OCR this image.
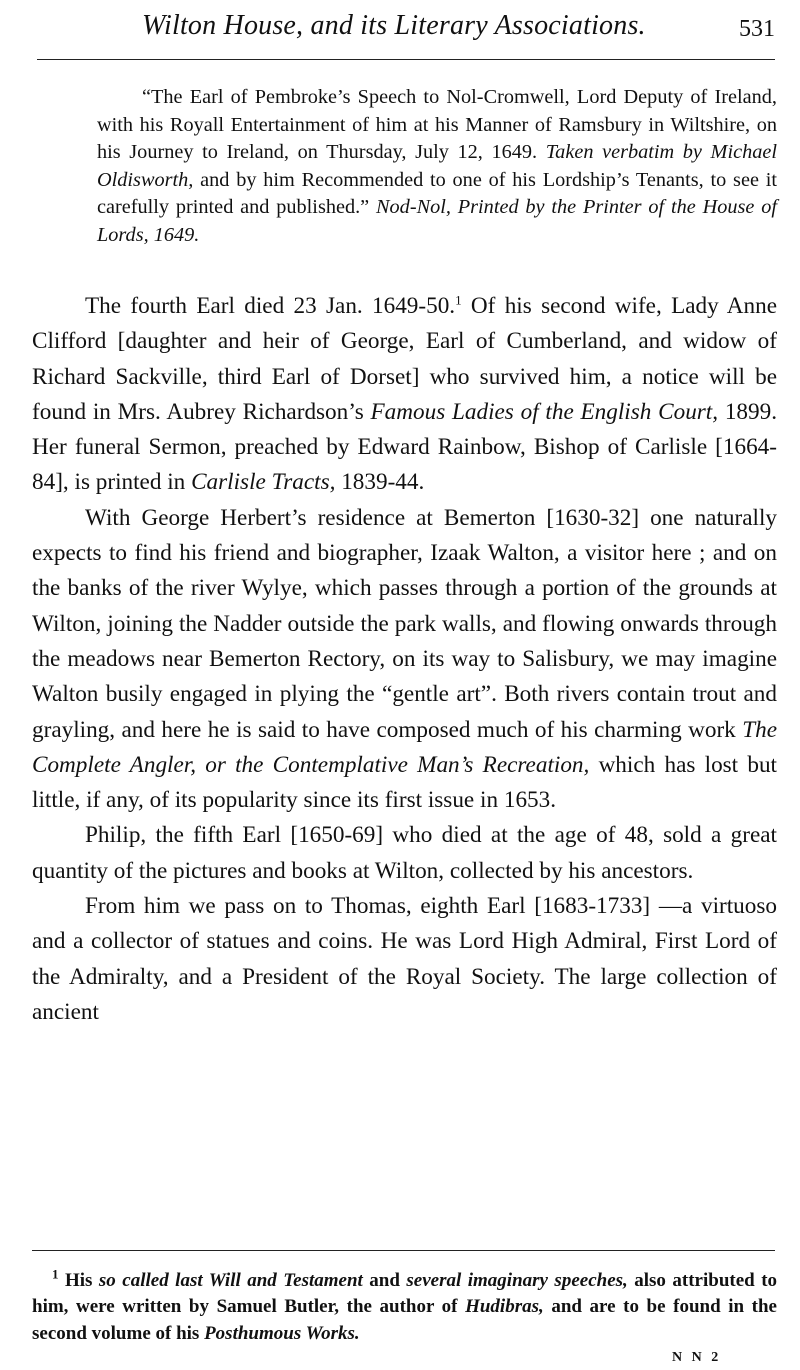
Wilton House, and its Literary Associations.	531
“The Earl of Pembroke’s Speech to Nol-Cromwell, Lord Deputy of Ireland, with his Royall Entertainment of him at his Manner of Ramsbury in Wiltshire, on his Journey to Ireland, on Thursday, July 12, 1649. Taken verbatim by Michael Oldisworth, and by him Recommended to one of his Lordship’s Tenants, to see it carefully printed and published.” Nod-Nol, Printed by the Printer of the House of Lords, 1649.

The fourth Earl died 23 Jan. 1649-50.$^1$ Of his second wife, Lady Anne Clifford [daughter and heir of George, Earl of Cumberland, and widow of Richard Sackville, third Earl of Dorset] who survived him, a notice will be found in Mrs. Aubrey Richardson’s Famous Ladies of the English Court, 1899. Her funeral Sermon, preached by Edward Rainbow, Bishop of Carlisle [1664-84], is printed in Carlisle Tracts, 1839-44.

With George Herbert’s residence at Bemerton [1630-32] one naturally expects to find his friend and biographer, Izaak Walton, a visitor here ; and on the banks of the river Wylye, which passes through a portion of the grounds at Wilton, joining the Nadder outside the park walls, and flowing onwards through the meadows near Bemerton Rectory, on its way to Salisbury, we may imagine Walton busily engaged in plying the “gentle art”. Both rivers contain trout and grayling, and here he is said to have composed much of his charming work The Complete Angler, or the Contemplative Man’s Recreation, which has lost but little, if any, of its popularity since its first issue in 1653.

Philip, the fifth Earl [1650-69] who died at the age of 48, sold a great quantity of the pictures and books at Wilton, collected by his ancestors.

From him we pass on to Thomas, eighth Earl [1683-1733] —a virtuoso and a collector of statues and coins. He was Lord High Admiral, First Lord of the Admiralty, and a President of the Royal Society. The large collection of ancient

$^1$ His so called last Will and Testament and several imaginary speeches, also attributed to him, were written by Samuel Butler, the author of Hudibras, and are to be found in the second volume of his Posthumous Works.
N N 2
